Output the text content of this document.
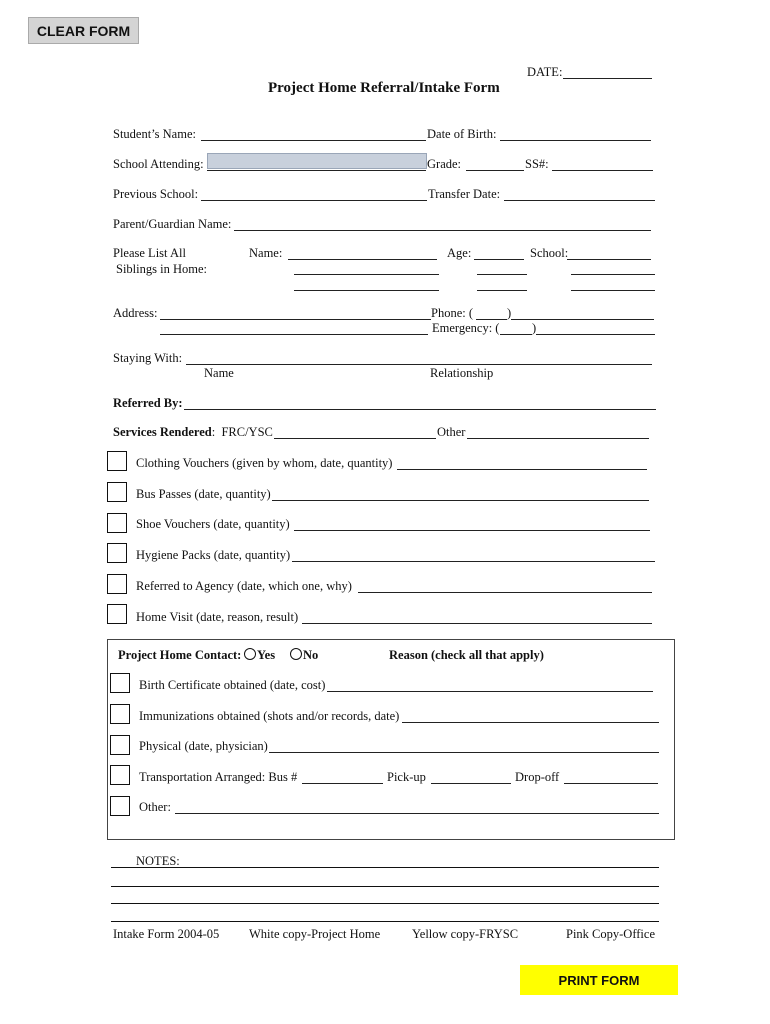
CLEAR FORM
DATE:
Project Home Referral/Intake Form
Student’s Name:	Date of Birth:
School Attending:	Grade:	SS#:
Previous School:	Transfer Date:
Parent/Guardian Name:
Please List All
Siblings in Home:
Name:	Age:	School:
Address:	Phone: (	)
Emergency: (	)
Staying With:
Name	Relationship
Referred By:
Services Rendered:  FRC/YSC	Other
Clothing Vouchers (given by whom, date, quantity)
Bus Passes (date, quantity)
Shoe Vouchers (date, quantity)
Hygiene Packs (date, quantity)
Referred to Agency (date, which one, why)
Home Visit (date, reason, result)
Project Home Contact:	Yes	No	Reason (check all that apply)
Birth Certificate obtained (date, cost)
Immunizations obtained (shots and/or records, date)
Physical (date, physician)
Transportation Arranged: Bus #	Pick-up	Drop-off
Other:
NOTES:
Intake Form 2004-05 White copy-Project Home	Yellow copy-FRYSC	Pink Copy-Office
PRINT FORM
